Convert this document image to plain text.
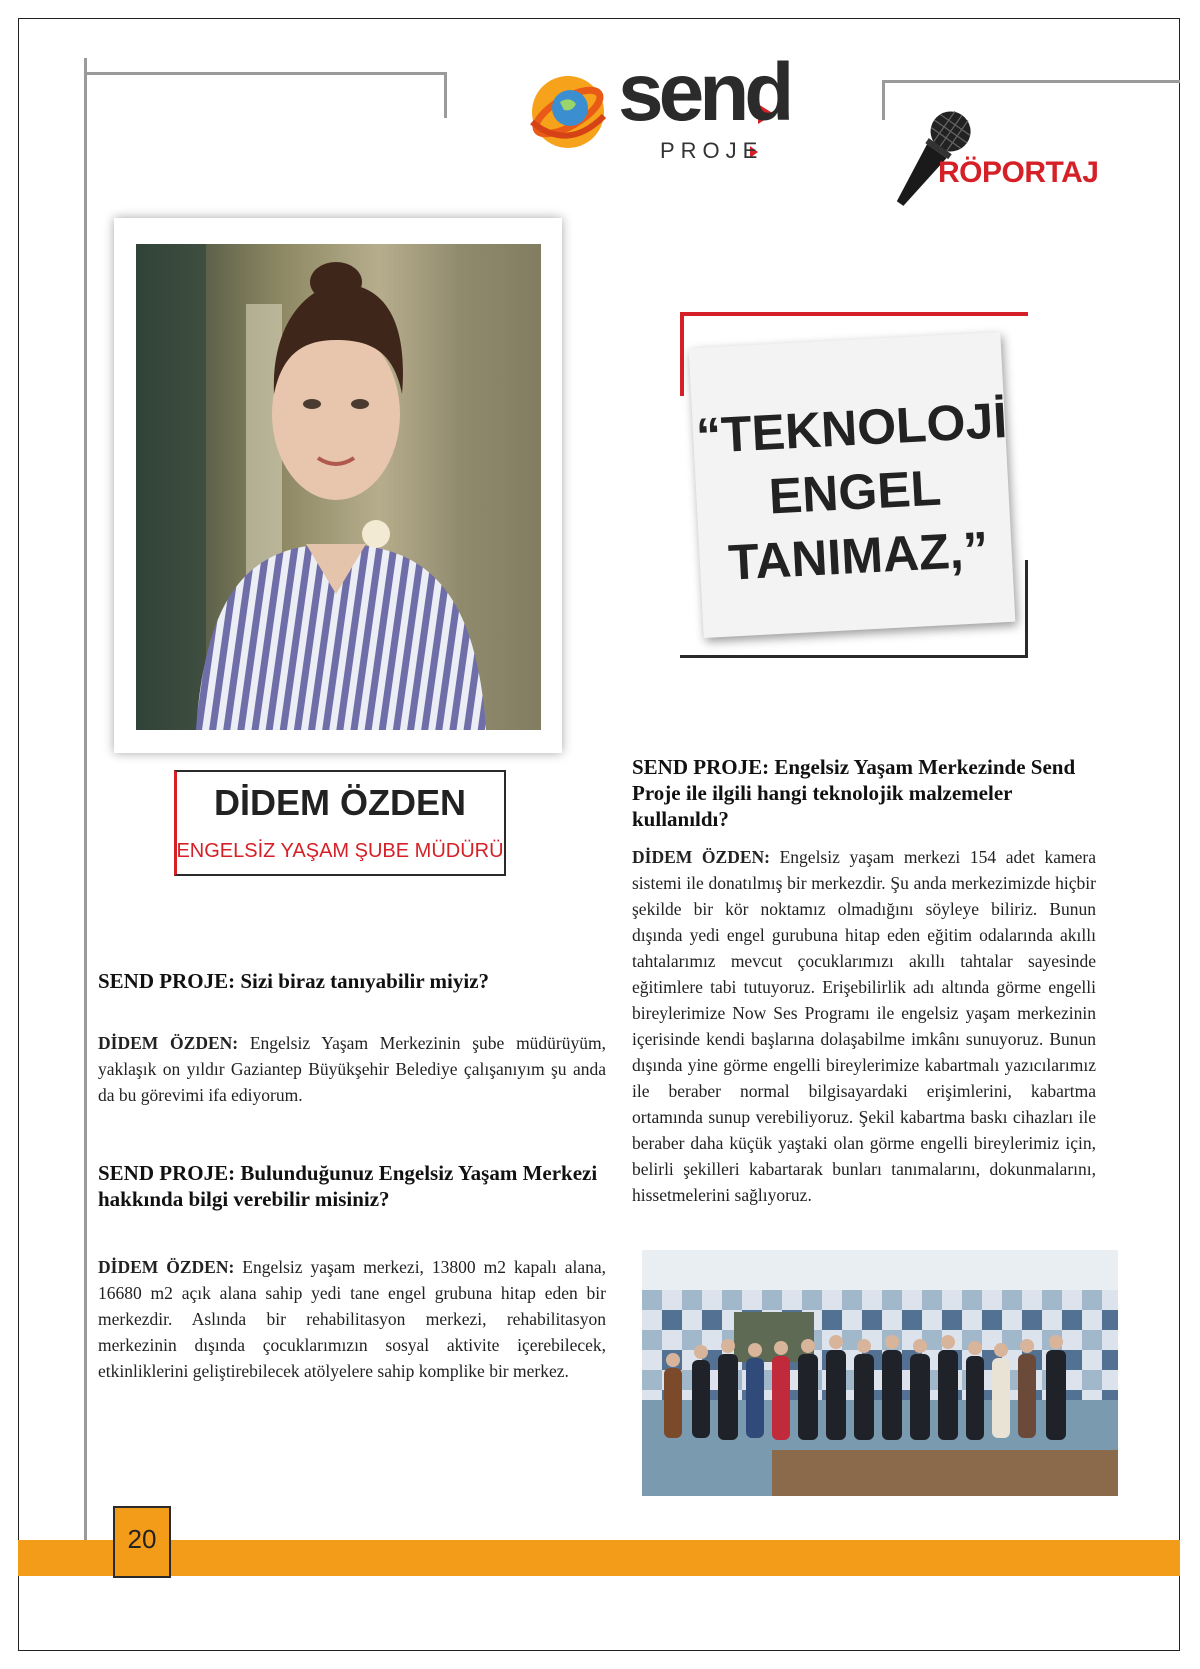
send
PROJE
RÖPORTAJ
DİDEM ÖZDEN
ENGELSİZ YAŞAM ŞUBE MÜDÜRÜ
“TEKNOLOJİ
ENGEL
TANIMAZ,”
SEND PROJE: Sizi biraz tanıyabilir miyiz?
DİDEM ÖZDEN: Engelsiz Yaşam Merkezinin şube müdürüyüm, yaklaşık on yıldır Gaziantep Büyükşehir Belediye çalışanıyım şu anda da bu görevimi ifa ediyorum.
SEND PROJE: Bulunduğunuz Engelsiz Yaşam Merkezi hakkında bilgi verebilir misiniz?
DİDEM ÖZDEN: Engelsiz yaşam merkezi, 13800 m2 kapalı alana, 16680 m2 açık alana sahip yedi tane engel grubuna hitap eden bir merkezdir. Aslında bir rehabilitasyon merkezi, rehabilitasyon merkezinin dışında çocuklarımızın sosyal aktivite içerebilecek, etkinliklerini geliştirebilecek atölyelere sahip komplike bir merkez.
SEND PROJE: Engelsiz Yaşam Merkezinde Send Proje ile ilgili hangi teknolojik malzemeler kullanıldı?
DİDEM ÖZDEN: Engelsiz yaşam merkezi 154 adet kamera sistemi ile donatılmış bir merkezdir. Şu anda merkezimizde hiçbir şekilde bir kör noktamız olmadığını söyleye biliriz. Bunun dışında yedi engel gurubuna hitap eden eğitim odalarında akıllı tahtalarımız mevcut çocuklarımızı akıllı tahtalar sayesinde eğitimlere tabi tutuyoruz. Erişebilirlik adı altında görme engelli bireylerimize Now Ses Programı ile engelsiz yaşam merkezinin içerisinde kendi başlarına dolaşabilme imkânı sunuyoruz. Bunun dışında yine görme engelli bireylerimize kabartmalı yazıcılarımız ile beraber normal bilgisayardaki erişimlerini, kabartma ortamında sunup verebiliyoruz. Şekil kabartma baskı cihazları ile beraber daha küçük yaştaki olan görme engelli bireylerimiz için, belirli şekilleri kabartarak bunları tanımalarını, dokunmalarını, hissetmelerini sağlıyoruz.
20
